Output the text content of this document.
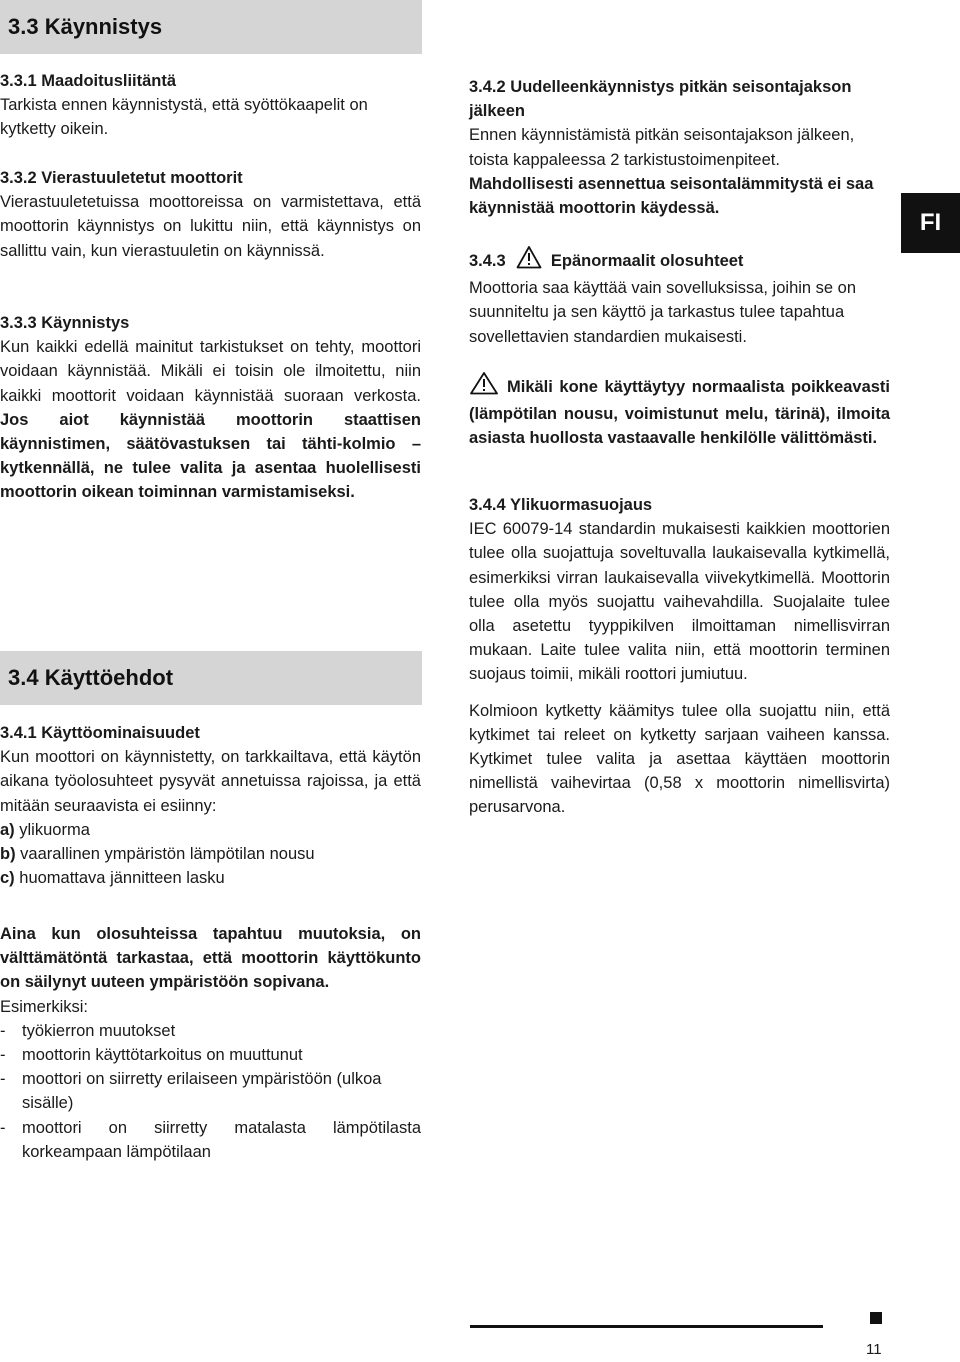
3.3 Käynnistys

3.3.1 Maadoitusliitäntä

Tarkista ennen käynnistystä, että syöttökaapelit on kytketty oikein.

3.3.2 Vierastuuletetut moottorit

Vierastuuletetuissa moottoreissa on varmistettava, että moottorin käynnistys on lukittu niin, että käynnistys on sallittu vain, kun vierastuuletin on käynnissä.

3.3.3 Käynnistys

Kun kaikki edellä mainitut tarkistukset on tehty, moottori voidaan käynnistää. Mikäli ei toisin ole ilmoitettu, niin kaikki moottorit voidaan käynnistää suoraan verkosta. Jos aiot käynnistää moottorin staattisen käynnistimen, säätövastuksen tai tähti-kolmio –kytkennällä, ne tulee valita ja asentaa huolellisesti moottorin oikean toiminnan varmistamiseksi.

3.4 Käyttöehdot

3.4.1 Käyttöominaisuudet

Kun moottori on käynnistetty, on tarkkailtava, että käytön aikana työolosuhteet pysyvät annetuissa rajoissa, ja että mitään seuraavista ei esiinny:

a) ylikuorma

b) vaarallinen ympäristön lämpötilan nousu

c) huomattava jännitteen lasku

Aina kun olosuhteissa tapahtuu muutoksia, on välttämätöntä tarkastaa, että moottorin käyttökunto on säilynyt uuteen ympäristöön sopivana.

Esimerkiksi:

- työkierron muutokset
- moottorin käyttötarkoitus on muuttunut
- moottori on siirretty erilaiseen ympäristöön (ulkoa sisälle)
- moottori on siirretty matalasta lämpötilasta korkeampaan lämpötilaan

3.4.2 Uudelleenkäynnistys pitkän seisontajakson jälkeen

Ennen käynnistämistä pitkän seisontajakson jälkeen, toista kappaleessa 2 tarkistustoimenpiteet.

Mahdollisesti asennettua seisontalämmitystä ei saa käynnistää moottorin käydessä.

3.4.3	Epänormaalit olosuhteet

Moottoria saa käyttää vain sovelluksissa, joihin se on suunniteltu ja sen käyttö ja tarkastus tulee tapahtua sovellettavien standardien mukaisesti.

Mikäli kone käyttäytyy normaalista poikkeavasti (lämpötilan nousu, voimistunut melu, tärinä), ilmoita asiasta huollosta vastaavalle henkilölle välittömästi.

3.4.4 Ylikuormasuojaus

IEC 60079-14 standardin mukaisesti kaikkien moottorien tulee olla suojattuja soveltuvalla laukaisevalla kytkimellä, esimerkiksi virran laukaisevalla viivekytkimellä. Moottorin tulee olla myös suojattu vaihevahdilla. Suojalaite tulee olla asetettu tyyppikilven ilmoittaman nimellisvirran mukaan. Laite tulee valita niin, että moottorin terminen suojaus toimii, mikäli roottori jumiutuu.

Kolmioon kytketty käämitys tulee olla suojattu niin, että kytkimet tai releet on kytketty sarjaan vaiheen kanssa. Kytkimet tulee valita ja asettaa käyttäen moottorin nimellistä vaihevirtaa (0,58 x moottorin nimellisvirta) perusarvona.

FI
11
